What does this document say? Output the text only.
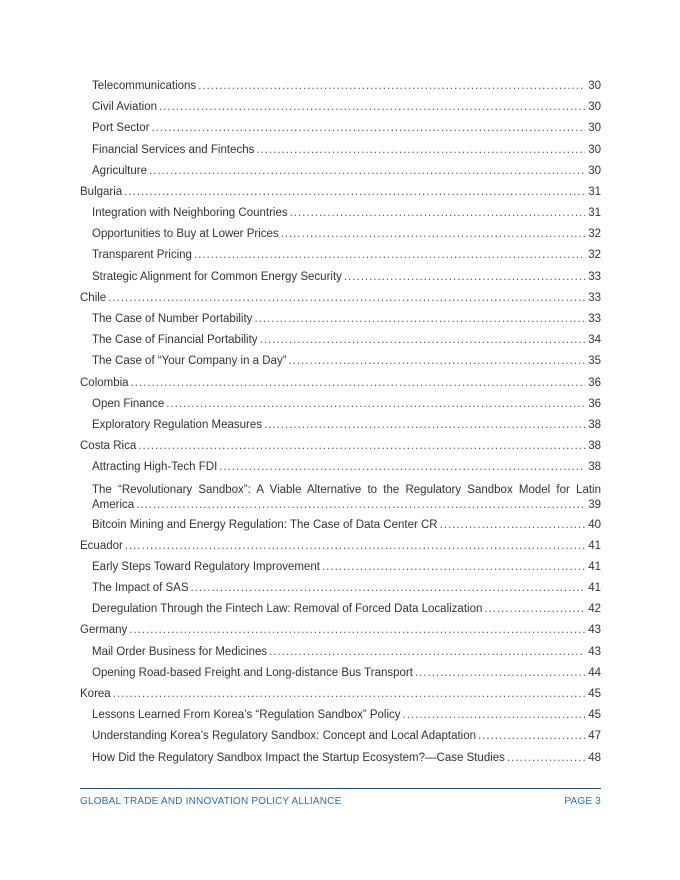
Telecommunications .....	30
Civil Aviation .....	30
Port Sector .....	30
Financial Services and Fintechs .....	30
Agriculture .....	30
Bulgaria .....	31
Integration with Neighboring Countries .....	31
Opportunities to Buy at Lower Prices .....	32
Transparent Pricing .....	32
Strategic Alignment for Common Energy Security .....	33
Chile .....	33
The Case of Number Portability .....	33
The Case of Financial Portability .....	34
The Case of “Your Company in a Day” .....	35
Colombia .....	36
Open Finance .....	36
Exploratory Regulation Measures .....	38
Costa Rica .....	38
Attracting High-Tech FDI .....	38
The “Revolutionary Sandbox”: A Viable Alternative to the Regulatory Sandbox Model for Latin
America .....	39
Bitcoin Mining and Energy Regulation: The Case of Data Center CR .....	40
Ecuador .....	41
Early Steps Toward Regulatory Improvement .....	41
The Impact of SAS .....	41
Deregulation Through the Fintech Law: Removal of Forced Data Localization .....	42
Germany .....	43
Mail Order Business for Medicines .....	43
Opening Road-based Freight and Long-distance Bus Transport .....	44
Korea .....	45
Lessons Learned From Korea’s “Regulation Sandbox” Policy .....	45
Understanding Korea’s Regulatory Sandbox: Concept and Local Adaptation .....	47
How Did the Regulatory Sandbox Impact the Startup Ecosystem?—Case Studies .....	48
GLOBAL TRADE AND INNOVATION POLICY ALLIANCE	PAGE 3
